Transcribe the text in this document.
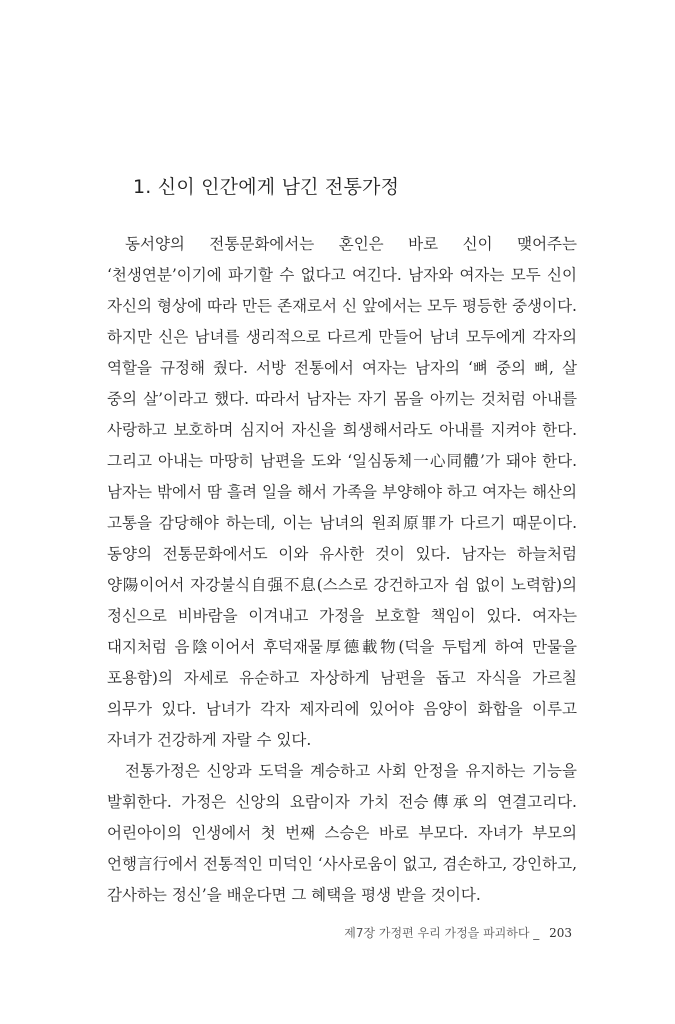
1. 신이 인간에게 남긴 전통가정

동서양의 전통문화에서는 혼인은 바로 신이 맺어주는 ‘천생연분’이기에 파기할 수 없다고 여긴다. 남자와 여자는 모두 신이 자신의 형상에 따라 만든 존재로서 신 앞에서는 모두 평등한 중생이다. 하지만 신은 남녀를 생리적으로 다르게 만들어 남녀 모두에게 각자의 역할을 규정해 줬다. 서방 전통에서 여자는 남자의 ‘뼈 중의 뼈, 살 중의 살’이라고 했다. 따라서 남자는 자기 몸을 아끼는 것처럼 아내를 사랑하고 보호하며 심지어 자신을 희생해서라도 아내를 지켜야 한다. 그리고 아내는 마땅히 남편을 도와 ‘일심동체一心同體’가 돼야 한다. 남자는 밖에서 땀 흘려 일을 해서 가족을 부양해야 하고 여자는 해산의 고통을 감당해야 하는데, 이는 남녀의 원죄原罪가 다르기 때문이다. 동양의 전통문화에서도 이와 유사한 것이 있다. 남자는 하늘처럼 양陽이어서 자강불식自强不息(스스로 강건하고자 쉼 없이 노력함)의 정신으로 비바람을 이겨내고 가정을 보호할 책임이 있다. 여자는 대지처럼 음陰이어서 후덕재물厚德載物(덕을 두텁게 하여 만물을 포용함)의 자세로 유순하고 자상하게 남편을 돕고 자식을 가르칠 의무가 있다. 남녀가 각자 제자리에 있어야 음양이 화합을 이루고 자녀가 건강하게 자랄 수 있다.

전통가정은 신앙과 도덕을 계승하고 사회 안정을 유지하는 기능을 발휘한다. 가정은 신앙의 요람이자 가치 전승傳承의 연결고리다. 어린아이의 인생에서 첫 번째 스승은 바로 부모다. 자녀가 부모의 언행言行에서 전통적인 미덕인 ‘사사로움이 없고, 겸손하고, 강인하고, 감사하는 정신’을 배운다면 그 혜택을 평생 받을 것이다.

제7장 가정편 우리 가정을 파괴하다 _ 203
